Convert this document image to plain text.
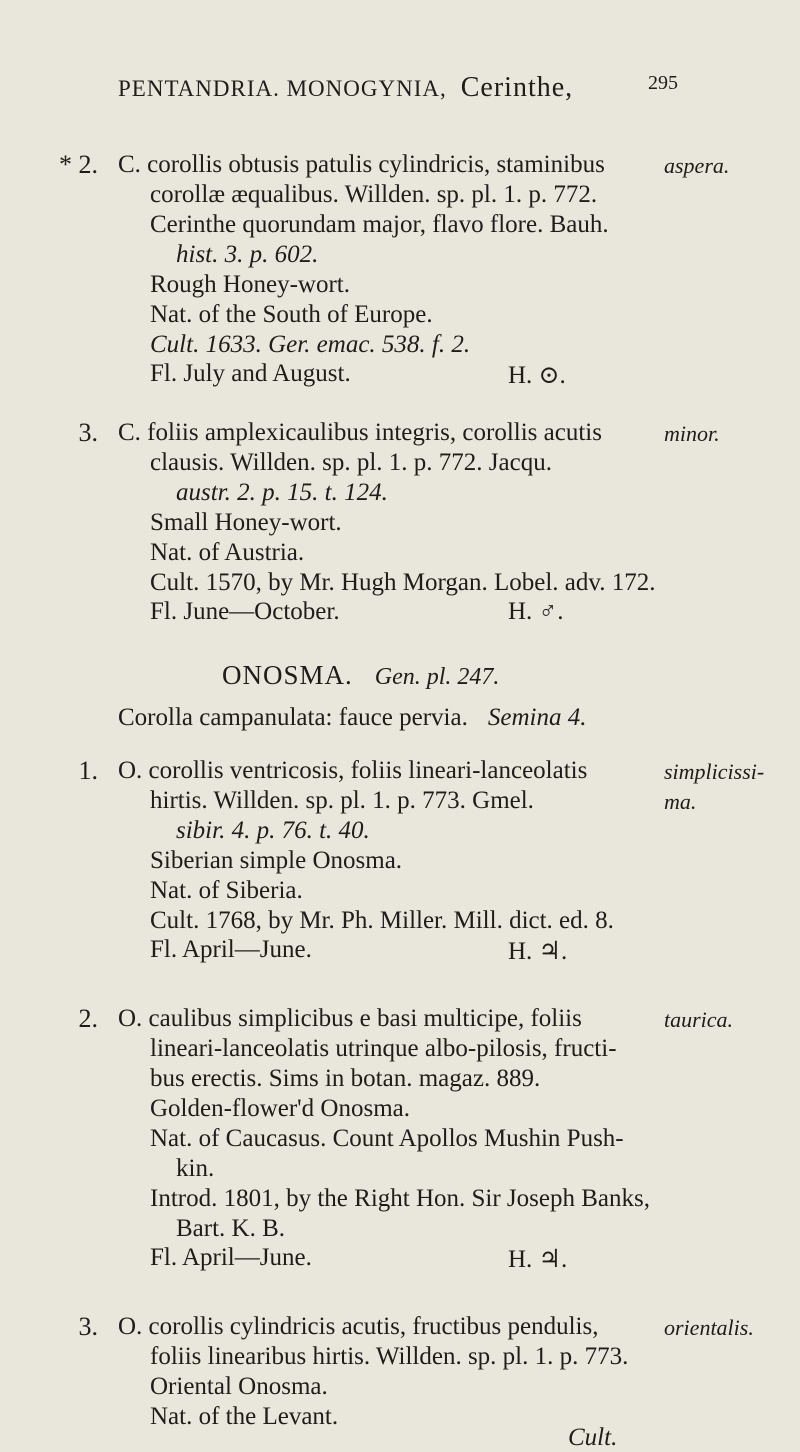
PENTANDRIA. MONOGYNIA, Cerinthe,	295
* 2. C. corollis obtusis patulis cylindricis, staminibus	aspera.
corollæ æqualibus. Willden. sp. pl. 1. p. 772.
Cerinthe quorundam major, flavo flore. Bauh.
hist. 3. p. 602.
Rough Honey-wort.
Nat. of the South of Europe.
Cult. 1633. Ger. emac. 538. f. 2.
Fl. July and August.	H. ⊙.
3. C. foliis amplexicaulibus integris, corollis acutis	minor.
clausis. Willden. sp. pl. 1. p. 772. Jacqu.
austr. 2. p. 15. t. 124.
Small Honey-wort.
Nat. of Austria.
Cult. 1570, by Mr. Hugh Morgan. Lobel. adv. 172.
Fl. June—October.	H. ♂.
ONOSMA. Gen. pl. 247.
Corolla campanulata: fauce pervia. Semina 4.
1. O. corollis ventricosis, foliis lineari-lanceolatis	simplicissi-
ma.
hirtis. Willden. sp. pl. 1. p. 773. Gmel.
sibir. 4. p. 76. t. 40.
Siberian simple Onosma.
Nat. of Siberia.
Cult. 1768, by Mr. Ph. Miller. Mill. dict. ed. 8.
Fl. April—June.	H. ♃.
2. O. caulibus simplicibus e basi multicipe, foliis	taurica.
lineari-lanceolatis utrinque albo-pilosis, fructi-
bus erectis. Sims in botan. magaz. 889.
Golden-flower'd Onosma.
Nat. of Caucasus. Count Apollos Mushin Push-
kin.
Introd. 1801, by the Right Hon. Sir Joseph Banks,
Bart. K. B.
Fl. April—June.	H. ♃.
3. O. corollis cylindricis acutis, fructibus pendulis,	orientalis.
foliis linearibus hirtis. Willden. sp. pl. 1. p. 773.
Oriental Onosma.
Nat. of the Levant.
Cult.
